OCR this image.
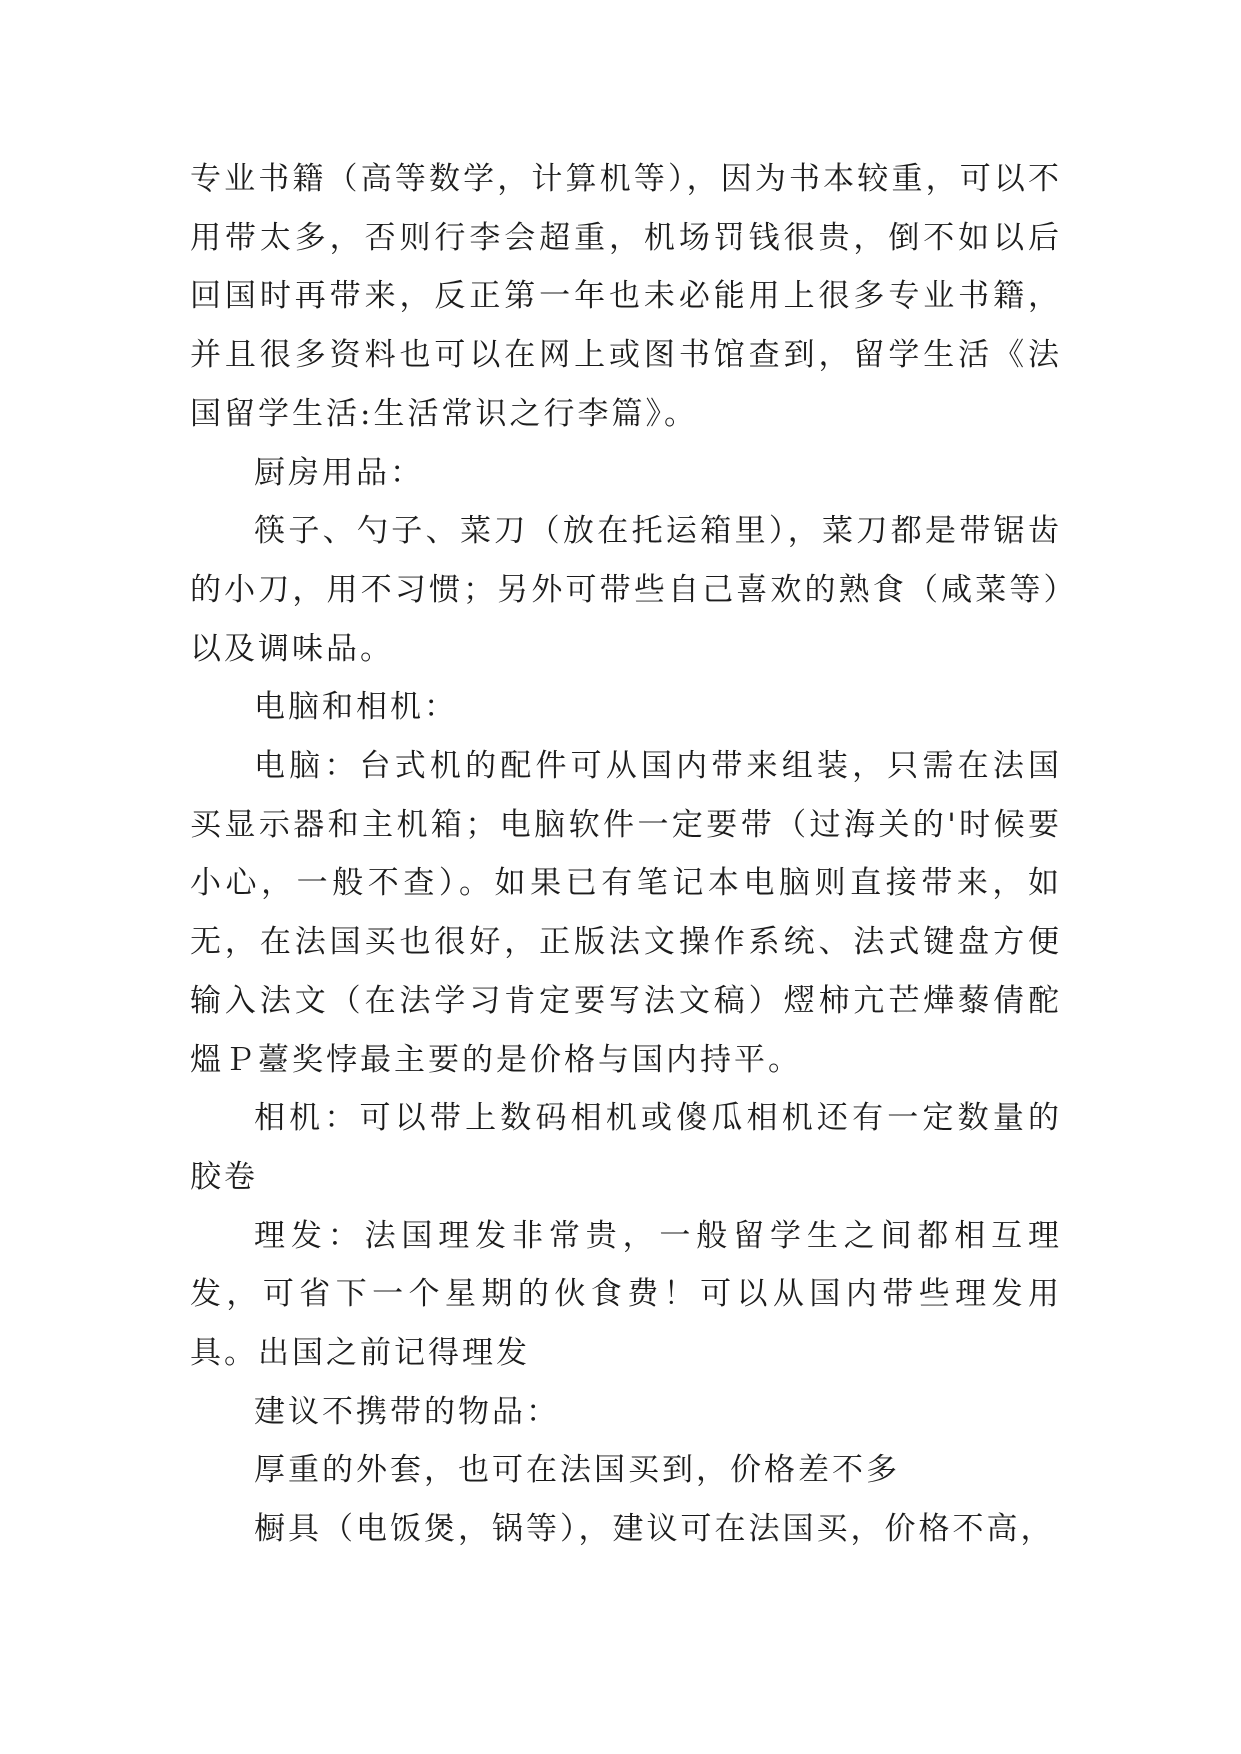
专业书籍（高等数学，计算机等），因为书本较重，可以不用带太多，否则行李会超重，机场罚钱很贵，倒不如以后回国时再带来，反正第一年也未必能用上很多专业书籍，并且很多资料也可以在网上或图书馆查到，留学生活《法国留学生活:生活常识之行李篇》。

厨房用品：

筷子、勺子、菜刀（放在托运箱里），菜刀都是带锯齿的小刀，用不习惯；另外可带些自己喜欢的熟食（咸菜等）以及调味品。

电脑和相机：

电脑：台式机的配件可从国内带来组装，只需在法国买显示器和主机箱；电脑软件一定要带（过海关的'时候要小心，一般不查）。如果已有笔记本电脑则直接带来，如无，在法国买也很好，正版法文操作系统、法式键盘方便输入法文（在法学习肯定要写法文稿）熤柿亢芒燁藜倩酡熅Ｐ薹奖悖最主要的是价格与国内持平。

相机：可以带上数码相机或傻瓜相机还有一定数量的胶卷

理发：法国理发非常贵，一般留学生之间都相互理发，可省下一个星期的伙食费！可以从国内带些理发用具。出国之前记得理发

建议不携带的物品：

厚重的外套，也可在法国买到，价格差不多

橱具（电饭煲，锅等），建议可在法国买，价格不高，
